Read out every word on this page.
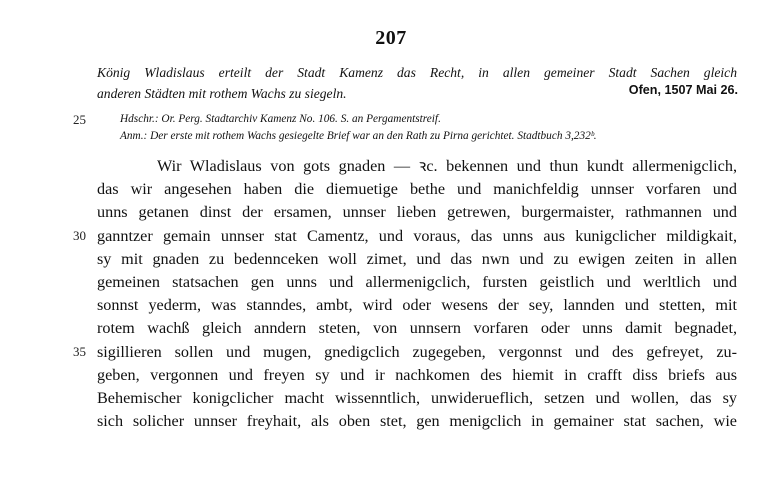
207

König Wladislaus erteilt der Stadt Kamenz das Recht, in allen gemeiner Stadt Sachen gleich

anderen Städten mit rothem Wachs zu siegeln.	Ofen, 1507 Mai 26.
25
30
35

Hdschr.: Or. Perg. Stadtarchiv Kamenz No. 106. S. an Pergamentstreif.

Anm.: Der erste mit rothem Wachs gesiegelte Brief war an den Rath zu Pirna gerichtet. Stadtbuch 3,232ᵇ.

Wir Wladislaus von gots gnaden — ꝛc. bekennen und thun kundt allermenigclich,

das wir angesehen haben die diemuetige bethe und manichfeldig unnser vorfaren und

unns getanen dinst der ersamen, unnser lieben getrewen, burgermaister, rathmannen und

ganntzer gemain unnser stat Camentz, und voraus, das unns aus kunigclicher mildigkait,

sy mit gnaden zu bedennceken woll zimet, und das nwn und zu ewigen zeiten in allen

gemeinen statsachen gen unns und allermenigclich, fursten geistlich und werltlich und

sonnst yederm, was stanndes, ambt, wird oder wesens der sey, lannden und stetten, mit

rotem wachß gleich anndern steten, von unnsern vorfaren oder unns damit begnadet,

sigillieren sollen und mugen, gnedigclich zugegeben, vergonnst und des gefreyet, zu-

geben, vergonnen und freyen sy und ir nachkomen des hiemit in crafft diss briefs aus

Behemischer konigclicher macht wissenntlich, unwiderueflich, setzen und wollen, das sy

sich solicher unnser freyhait, als oben stet, gen menigclich in gemainer stat sachen, wie
